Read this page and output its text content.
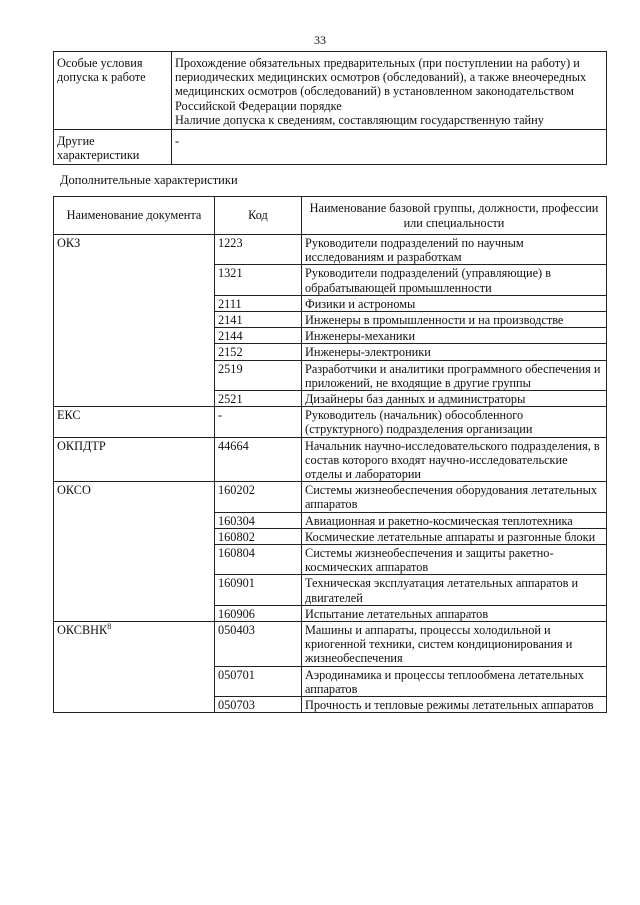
33
Особые условия допуска к работе	Прохождение обязательных предварительных (при поступлении на работу) и периодических медицинских осмотров (обследований), а также внеочередных медицинских осмотров (обследований) в установленном законодательством Российской Федерации порядке
Наличие допуска к сведениям, составляющим государственную тайну

Другие характеристики	-
Дополнительные характеристики
Наименование документа	Код	Наименование базовой группы, должности, профессии или специальности
ОКЗ	1223	Руководители подразделений по научным исследованиям и разработкам
	1321	Руководители подразделений (управляющие) в обрабатывающей промышленности
	2111	Физики и астрономы
	2141	Инженеры в промышленности и на производстве
	2144	Инженеры-механики
	2152	Инженеры-электроники
	2519	Разработчики и аналитики программного обеспечения и приложений, не входящие в другие группы
	2521	Дизайнеры баз данных и администраторы
ЕКС	-	Руководитель (начальник) обособленного (структурного) подразделения организации
ОКПДТР	44664	Начальник научно-исследовательского подразделения, в состав которого входят научно-исследовательские отделы и лаборатории
ОКСО	160202	Системы жизнеобеспечения оборудования летательных аппаратов
	160304	Авиационная и ракетно-космическая теплотехника
	160802	Космические летательные аппараты и разгонные блоки
	160804	Системы жизнеобеспечения и защиты ракетно-космических аппаратов
	160901	Техническая эксплуатация летательных аппаратов и двигателей
	160906	Испытание летательных аппаратов
ОКСВНК$^8$	050403	Машины и аппараты, процессы холодильной и криогенной техники, систем кондиционирования и жизнеобеспечения
	050701	Аэродинамика и процессы теплообмена летательных аппаратов
	050703	Прочность и тепловые режимы летательных аппаратов
